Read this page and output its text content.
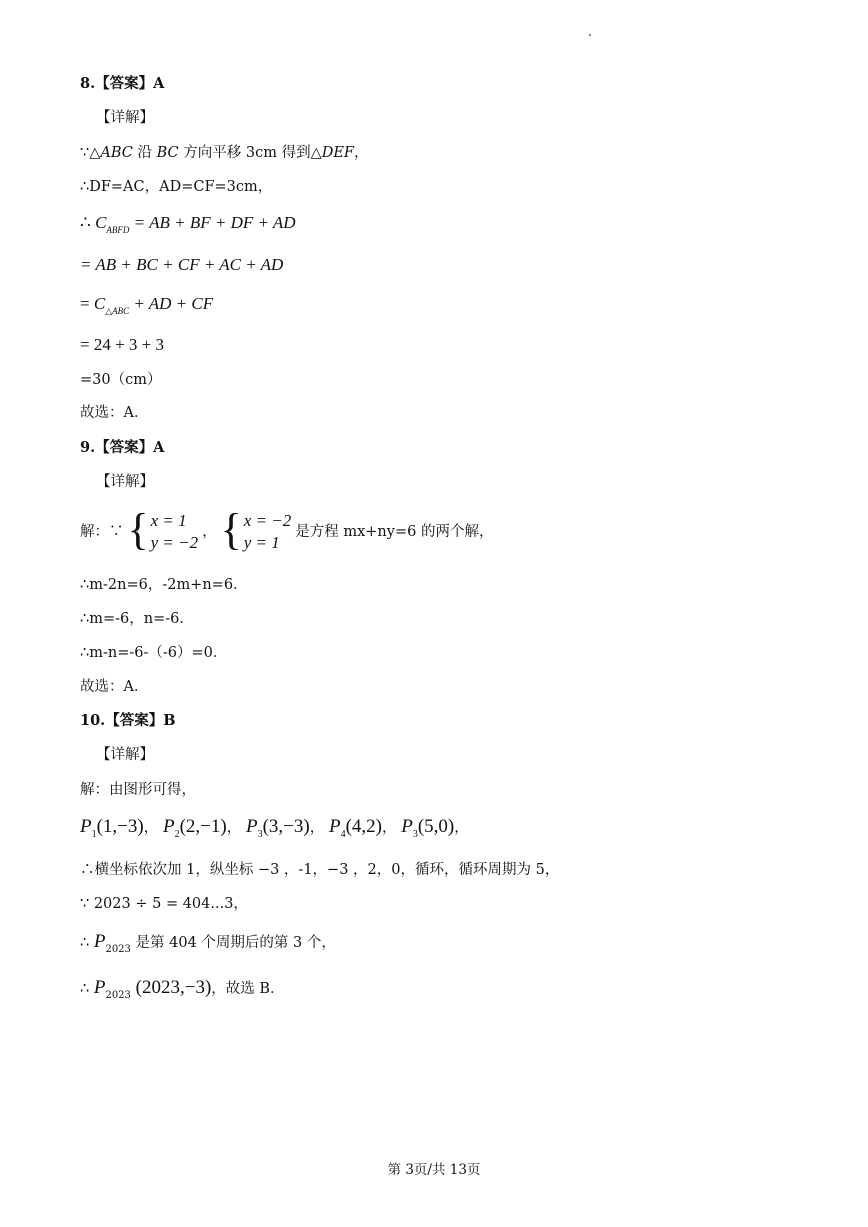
8.【答案】A
【详解】
∵△ABC 沿 BC 方向平移 3cm 得到△DEF，
∴DF=AC，AD=CF=3cm，
∴ $C_{ABFD}$ = AB + BF + DF + AD
= AB + BC + CF + AC + AD
= $C_{\triangle ABC}$ + AD + CF
= 24 + 3 + 3
=30（cm）
故选：A．
9.【答案】A
【详解】
解：∵ { x = 1
y = −2
， { x = −2
y = 1
是方程 mx+ny=6 的两个解，
∴m-2n=6，-2m+n=6．
∴m=-6，n=-6．
∴m-n=-6-（-6）=0．
故选：A．
10.【答案】B
【详解】
解：由图形可得，
$P_1(1,-3)$， $P_2(2,-1)$， $P_3(3,-3)$， $P_4(4,2)$， $P_3(5,0)$，
∴横坐标依次加 1，纵坐标 −3 ，-1，−3 ，2，0，循环，循环周期为 5，
∵ 2023 ÷ 5 = 404...3，
∴ $P_{2023}$ 是第 404 个周期后的第 3 个，
∴ $P_{2023}$ (2023,−3)，故选 B．
第 3页/共 13页
